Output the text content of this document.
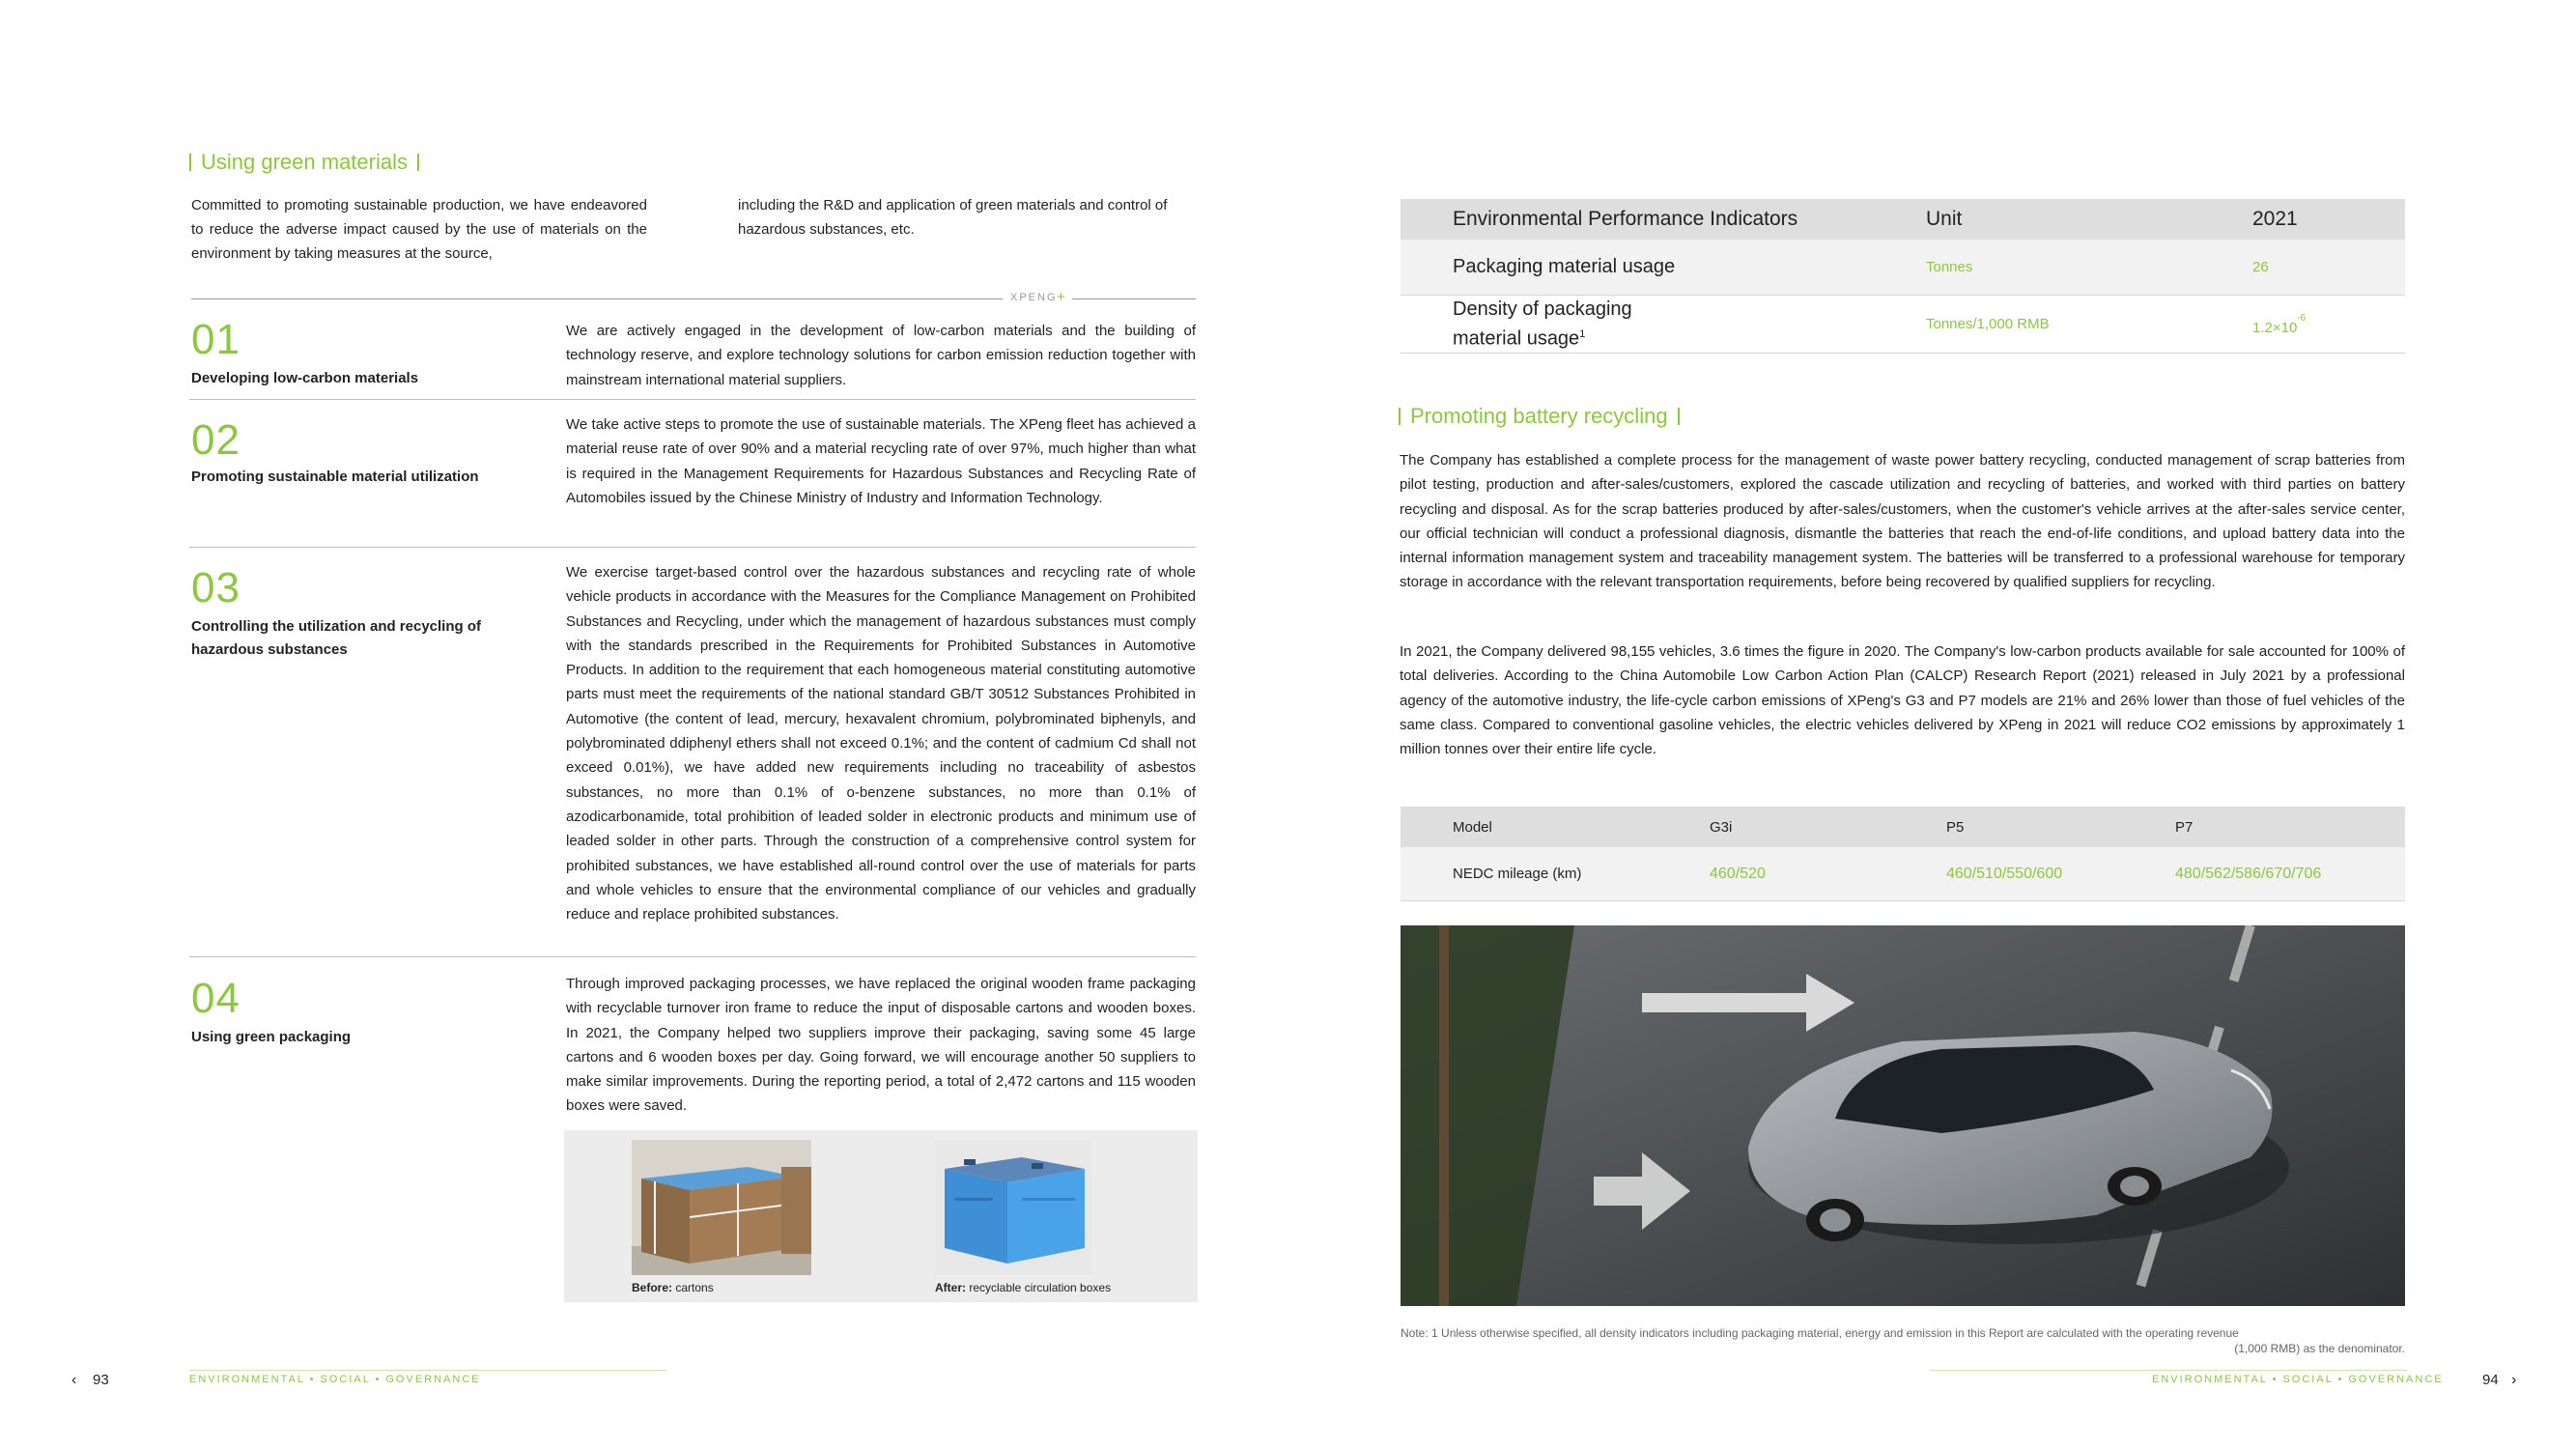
Using green materials
Committed to promoting sustainable production, we have endeavored to reduce the adverse impact caused by the use of materials on the environment by taking measures at the source,
including the R&D and application of green materials and control of hazardous substances, etc.
XPENG +
01
Developing low-carbon materials
We are actively engaged in the development of low-carbon materials and the building of technology reserve, and explore technology solutions for carbon emission reduction together with mainstream international material suppliers.
02
Promoting sustainable material utilization
We take active steps to promote the use of sustainable materials. The XPeng fleet has achieved a material reuse rate of over 90% and a material recycling rate of over 97%, much higher than what is required in the Management Requirements for Hazardous Substances and Recycling Rate of Automobiles issued by the Chinese Ministry of Industry and Information Technology.
03
Controlling the utilization and recycling of hazardous substances
We exercise target-based control over the hazardous substances and recycling rate of whole vehicle products in accordance with the Measures for the Compliance Management on Prohibited Substances and Recycling, under which the management of hazardous substances must comply with the standards prescribed in the Requirements for Prohibited Substances in Automotive Products. In addition to the requirement that each homogeneous material constituting automotive parts must meet the requirements of the national standard GB/T 30512 Substances Prohibited in Automotive (the content of lead, mercury, hexavalent chromium, polybrominated biphenyls, and polybrominated ddiphenyl ethers shall not exceed 0.1%; and the content of cadmium Cd shall not exceed 0.01%), we have added new requirements including no traceability of asbestos substances, no more than 0.1% of o-benzene substances, no more than 0.1% of azodicarbonamide, total prohibition of leaded solder in electronic products and minimum use of leaded solder in other parts. Through the construction of a comprehensive control system for prohibited substances, we have established all-round control over the use of materials for parts and whole vehicles to ensure that the environmental compliance of our vehicles and gradually reduce and replace prohibited substances.
04
Using green packaging
Through improved packaging processes, we have replaced the original wooden frame packaging with recyclable turnover iron frame to reduce the input of disposable cartons and wooden boxes. In 2021, the Company helped two suppliers improve their packaging, saving some 45 large cartons and 6 wooden boxes per day. Going forward, we will encourage another 50 suppliers to make similar improvements. During the reporting period, a total of 2,472 cartons and 115 wooden boxes were saved.
Before: cartons	After: recyclable circulation boxes
‹ 93	ENVIRONMENTAL • SOCIAL • GOVERNANCE
Environmental Performance Indicators	Unit	2021
Packaging material usage	Tonnes	26
Density of packaging
material usage$^1$
Tonnes/1,000 RMB	$1.2\times 10^{-6}$
Promoting battery recycling
The Company has established a complete process for the management of waste power battery recycling, conducted management of scrap batteries from pilot testing, production and after-sales/customers, explored the cascade utilization and recycling of batteries, and worked with third parties on battery recycling and disposal. As for the scrap batteries produced by after-sales/customers, when the customer's vehicle arrives at the after-sales service center, our official technician will conduct a professional diagnosis, dismantle the batteries that reach the end-of-life conditions, and upload battery data into the internal information management system and traceability management system. The batteries will be transferred to a professional warehouse for temporary storage in accordance with the relevant transportation requirements, before being recovered by qualified suppliers for recycling.
In 2021, the Company delivered 98,155 vehicles, 3.6 times the figure in 2020. The Company's low-carbon products available for sale accounted for 100% of total deliveries. According to the China Automobile Low Carbon Action Plan (CALCP) Research Report (2021) released in July 2021 by a professional agency of the automotive industry, the life-cycle carbon emissions of XPeng's G3 and P7 models are 21% and 26% lower than those of fuel vehicles of the same class. Compared to conventional gasoline vehicles, the electric vehicles delivered by XPeng in 2021 will reduce CO2 emissions by approximately 1 million tonnes over their entire life cycle.
Model	G3i	P5	P7
NEDC mileage (km)	460/520	460/510/550/600	480/562/586/670/706
Note: 1 Unless otherwise specified, all density indicators including packaging material, energy and emission in this Report are calculated with the operating revenue
(1,000 RMB) as the denominator.
ENVIRONMENTAL • SOCIAL • GOVERNANCE	94 ›
